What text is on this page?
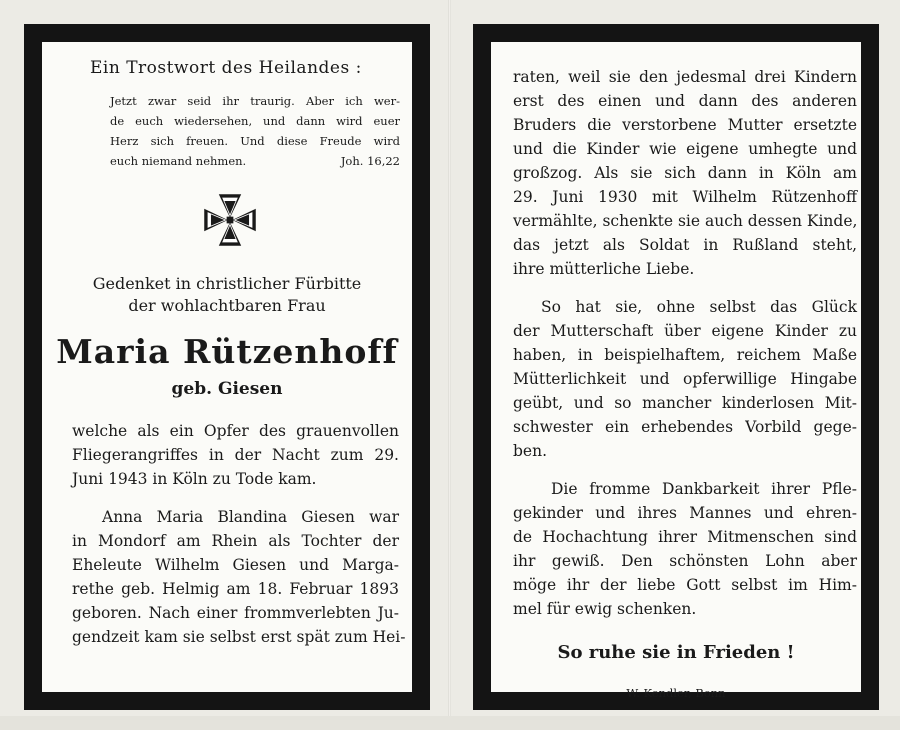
Ein Trostwort des Heilandes :
Jetzt zwar seid ihr traurig. Aber ich wer-
de euch wiedersehen, und dann wird euer
Herz sich freuen. Und diese Freude wird
euch niemand nehmen.	Joh. 16,22
Gedenket in christlicher Fürbitte
der wohlachtbaren Frau
Maria Rützenhoff
geb. Giesen
welche als ein Opfer des grauenvollen
Fliegerangriffes in der Nacht zum 29.
Juni 1943 in Köln zu Tode kam.
Anna Maria Blandina Giesen war
in Mondorf am Rhein als Tochter der
Eheleute Wilhelm Giesen und Marga-
rethe geb. Helmig am 18. Februar 1893
geboren. Nach einer frommverlebten Ju-
gendzeit kam sie selbst erst spät zum Hei-
raten, weil sie den jedesmal drei Kindern
erst des einen und dann des anderen
Bruders die verstorbene Mutter ersetzte
und die Kinder wie eigene umhegte und
großzog. Als sie sich dann in Köln am
29. Juni 1930 mit Wilhelm Rützenhoff
vermählte, schenkte sie auch dessen Kinde,
das jetzt als Soldat in Rußland steht,
ihre mütterliche Liebe.
So hat sie, ohne selbst das Glück
der Mutterschaft über eigene Kinder zu
haben, in beispielhaftem, reichem Maße
Mütterlichkeit und opferwillige Hingabe
geübt, und so mancher kinderlosen Mit-
schwester ein erhebendes Vorbild gege-
ben.
Die fromme Dankbarkeit ihrer Pfle-
gekinder und ihres Mannes und ehren-
de Hochachtung ihrer Mitmenschen sind
ihr gewiß. Den schönsten Lohn aber
möge ihr der liebe Gott selbst im Him-
mel für ewig schenken.
So ruhe sie in Frieden !
W. Kendler, Bonn
